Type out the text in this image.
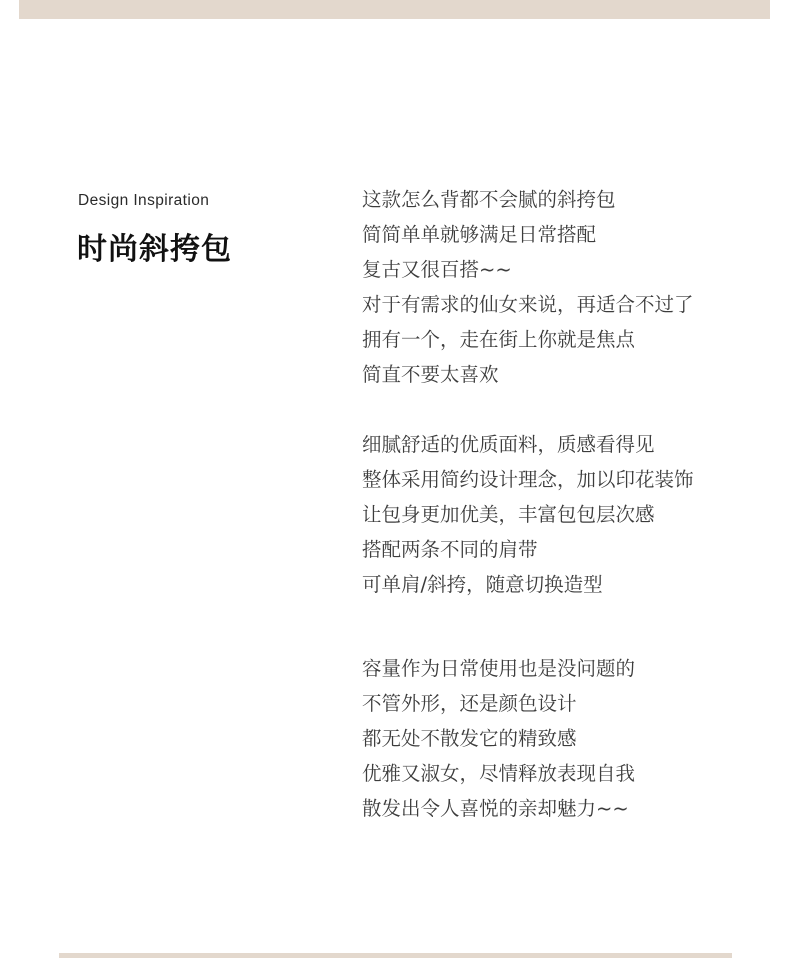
Design Inspiration
时尚斜挎包
这款怎么背都不会腻的斜挎包
简简单单就够满足日常搭配
复古又很百搭~~
对于有需求的仙女来说，再适合不过了
拥有一个，走在街上你就是焦点
简直不要太喜欢
细腻舒适的优质面料，质感看得见
整体采用简约设计理念，加以印花装饰
让包身更加优美，丰富包包层次感
搭配两条不同的肩带
可单肩/斜挎，随意切换造型
容量作为日常使用也是没问题的
不管外形，还是颜色设计
都无处不散发它的精致感
优雅又淑女，尽情释放表现自我
散发出令人喜悦的亲却魅力~~
